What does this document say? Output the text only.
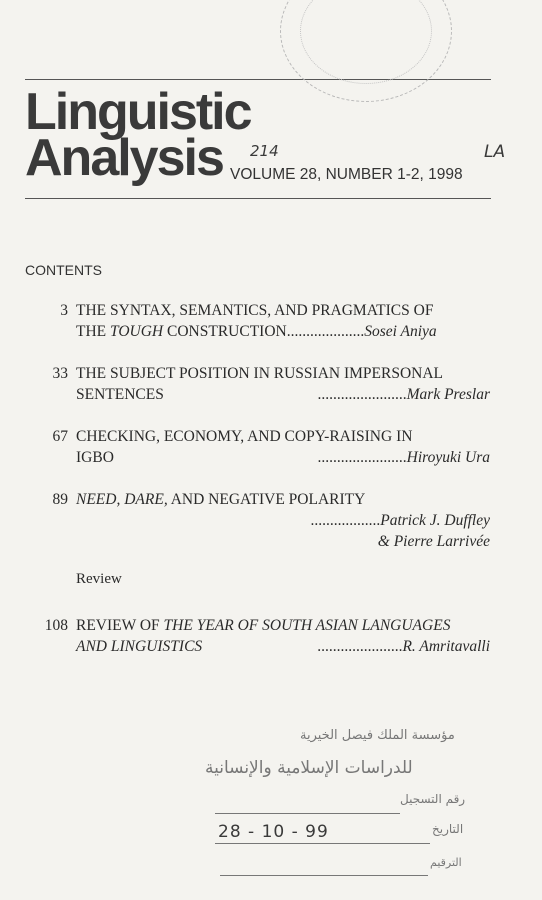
Linguistic
Analysis 214	LA
VOLUME 28, NUMBER 1-2, 1998
CONTENTS
3 THE SYNTAX, SEMANTICS, AND PRAGMATICS OF
THE TOUGH CONSTRUCTION....................Sosei Aniya
33 THE SUBJECT POSITION IN RUSSIAN IMPERSONAL
SENTENCES	.......................Mark Preslar
67 CHECKING, ECONOMY, AND COPY-RAISING IN
IGBO	.......................Hiroyuki Ura
89 NEED, DARE, AND NEGATIVE POLARITY
..................Patrick J. Duffley
& Pierre Larrivée
Review
108 REVIEW OF THE YEAR OF SOUTH ASIAN LANGUAGES
AND LINGUISTICS	......................R. Amritavalli
مؤسسة الملك فيصل الخيرية
للدراسات الإسلامية والإنسانية
رقم التسجيل
التاريخ
28 - 10 - 99
الترقيم
